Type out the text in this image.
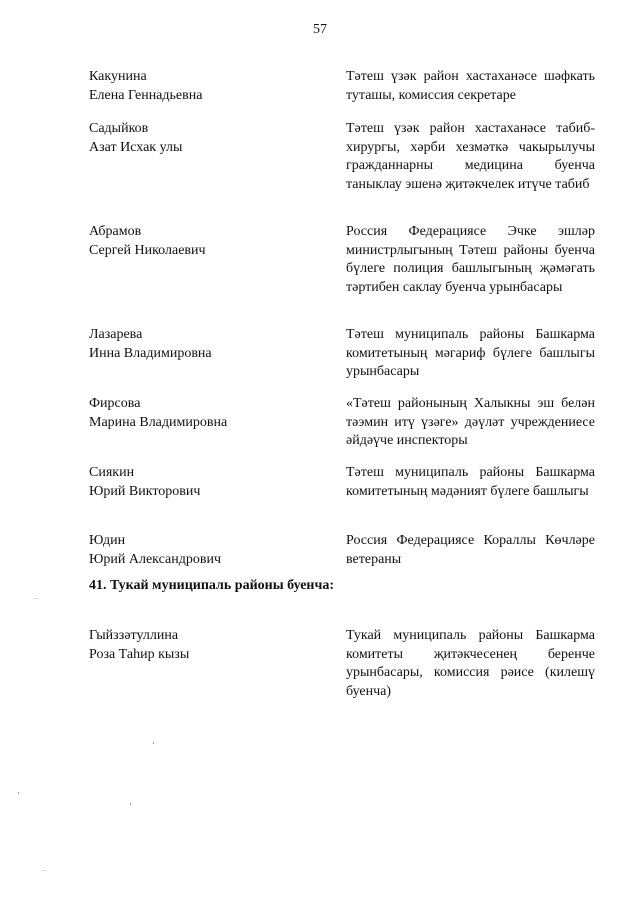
57
Какунина
Елена Геннадьевна
Тәтеш үзәк район хастаханәсе шәфкать туташы, комиссия секретаре
Садыйков
Азат Исхак улы
Тәтеш үзәк район хастаханәсе табиб-хирургы, хәрби хезмәткә чакырылучы гражданнарны медицина буенча таныклау эшенә җитәкчелек итүче табиб
Абрамов
Сергей Николаевич
Россия Федерациясе Эчке эшләр министрлыгының Тәтеш районы буенча бүлеге полиция башлыгының җәмәгать тәртибен саклау буенча урынбасары
Лазарева
Инна Владимировна
Тәтеш муниципаль районы Башкарма комитетының мәгариф бүлеге башлыгы урынбасары
Фирсова
Марина Владимировна
«Тәтеш районының Халыкны эш белән тәэмин итү үзәге» дәүләт учреждениесе әйдәүче инспекторы
Сиякин
Юрий Викторович
Тәтеш муниципаль районы Башкарма комитетының мәдәният бүлеге башлыгы
Юдин
Юрий Александрович
Россия Федерациясе Кораллы Көчләре ветераны
41. Тукай муниципаль районы буенча:
Гыйззәтуллина
Роза Таһир кызы
Тукай муниципаль районы Башкарма комитеты җитәкчесенең беренче урынбасары, комиссия рәисе (килешү буенча)
